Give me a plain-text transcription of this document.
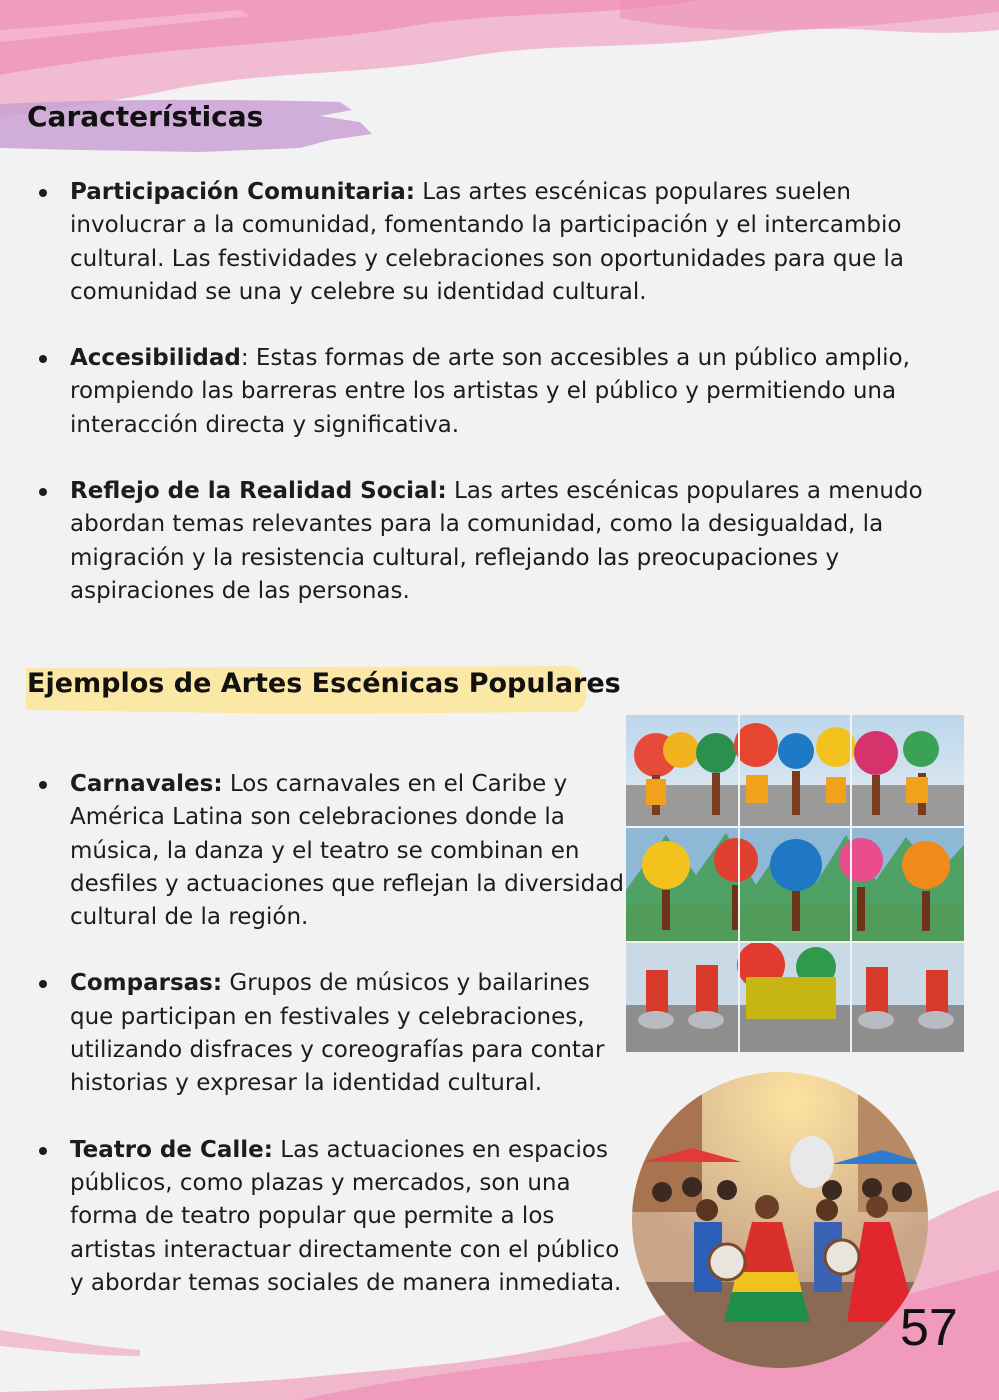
Características
Participación Comunitaria: Las artes escénicas populares suelen involucrar a la comunidad, fomentando la participación y el intercambio cultural. Las festividades y celebraciones son oportunidades para que la comunidad se una y celebre su identidad cultural.
Accesibilidad: Estas formas de arte son accesibles a un público amplio, rompiendo las barreras entre los artistas y el público y permitiendo una interacción directa y significativa.
Reflejo de la Realidad Social: Las artes escénicas populares a menudo abordan temas relevantes para la comunidad, como la desigualdad, la migración y la resistencia cultural, reflejando las preocupaciones y aspiraciones de las personas.
Ejemplos de Artes Escénicas Populares
Carnavales: Los carnavales en el Caribe y América Latina son celebraciones donde la música, la danza y el teatro se combinan en desfiles y actuaciones que reflejan la diversidad cultural de la región.
Comparsas: Grupos de músicos y bailarines que participan en festivales y celebraciones, utilizando disfraces y coreografías para contar historias y expresar la identidad cultural.
Teatro de Calle: Las actuaciones en espacios públicos, como plazas y mercados, son una forma de teatro popular que permite a los artistas interactuar directamente con el público y abordar temas sociales de manera inmediata.
57
